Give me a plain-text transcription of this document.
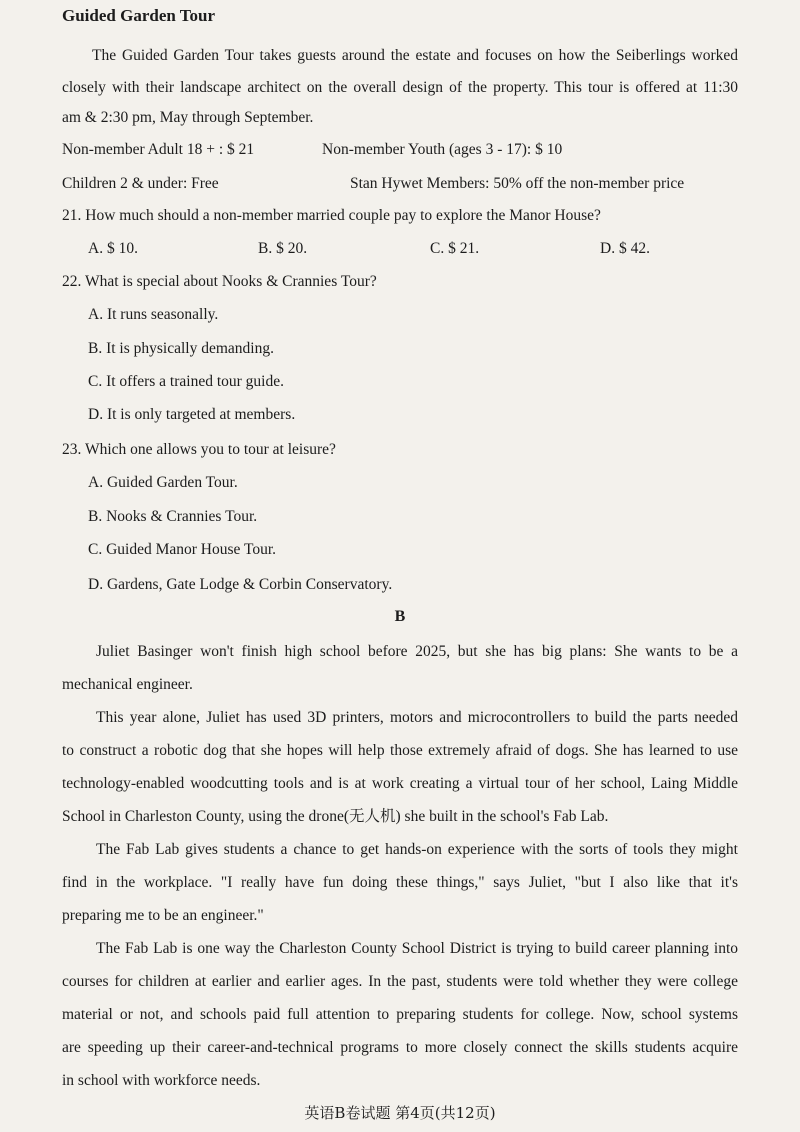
Guided Garden Tour
The Guided Garden Tour takes guests around the estate and focuses on how the Seiberlings worked
closely with their landscape architect on the overall design of the property. This tour is offered at 11:30
am & 2:30 pm, May through September.
Non-member Adult 18 + : $ 21	Non-member Youth (ages 3 - 17): $ 10
Children 2 & under: Free	Stan Hywet Members: 50% off the non-member price
21. How much should a non-member married couple pay to explore the Manor House?
A. $ 10.	B. $ 20.	C. $ 21.	D. $ 42.
22. What is special about Nooks & Crannies Tour?
A. It runs seasonally.
B. It is physically demanding.
C. It offers a trained tour guide.
D. It is only targeted at members.
23. Which one allows you to tour at leisure?
A. Guided Garden Tour.
B. Nooks & Crannies Tour.
C. Guided Manor House Tour.
D. Gardens, Gate Lodge & Corbin Conservatory.
B
Juliet Basinger won't finish high school before 2025, but she has big plans: She wants to be a
mechanical engineer.
This year alone, Juliet has used 3D printers, motors and microcontrollers to build the parts needed
to construct a robotic dog that she hopes will help those extremely afraid of dogs. She has learned to use
technology-enabled woodcutting tools and is at work creating a virtual tour of her school, Laing Middle
School in Charleston County, using the drone(无人机) she built in the school's Fab Lab.
The Fab Lab gives students a chance to get hands-on experience with the sorts of tools they might
find in the workplace. "I really have fun doing these things," says Juliet, "but I also like that it's
preparing me to be an engineer."
The Fab Lab is one way the Charleston County School District is trying to build career planning into
courses for children at earlier and earlier ages. In the past, students were told whether they were college
material or not, and schools paid full attention to preparing students for college. Now, school systems
are speeding up their career-and-technical programs to more closely connect the skills students acquire
in school with workforce needs.
英语B卷试题 第4页(共12页)
